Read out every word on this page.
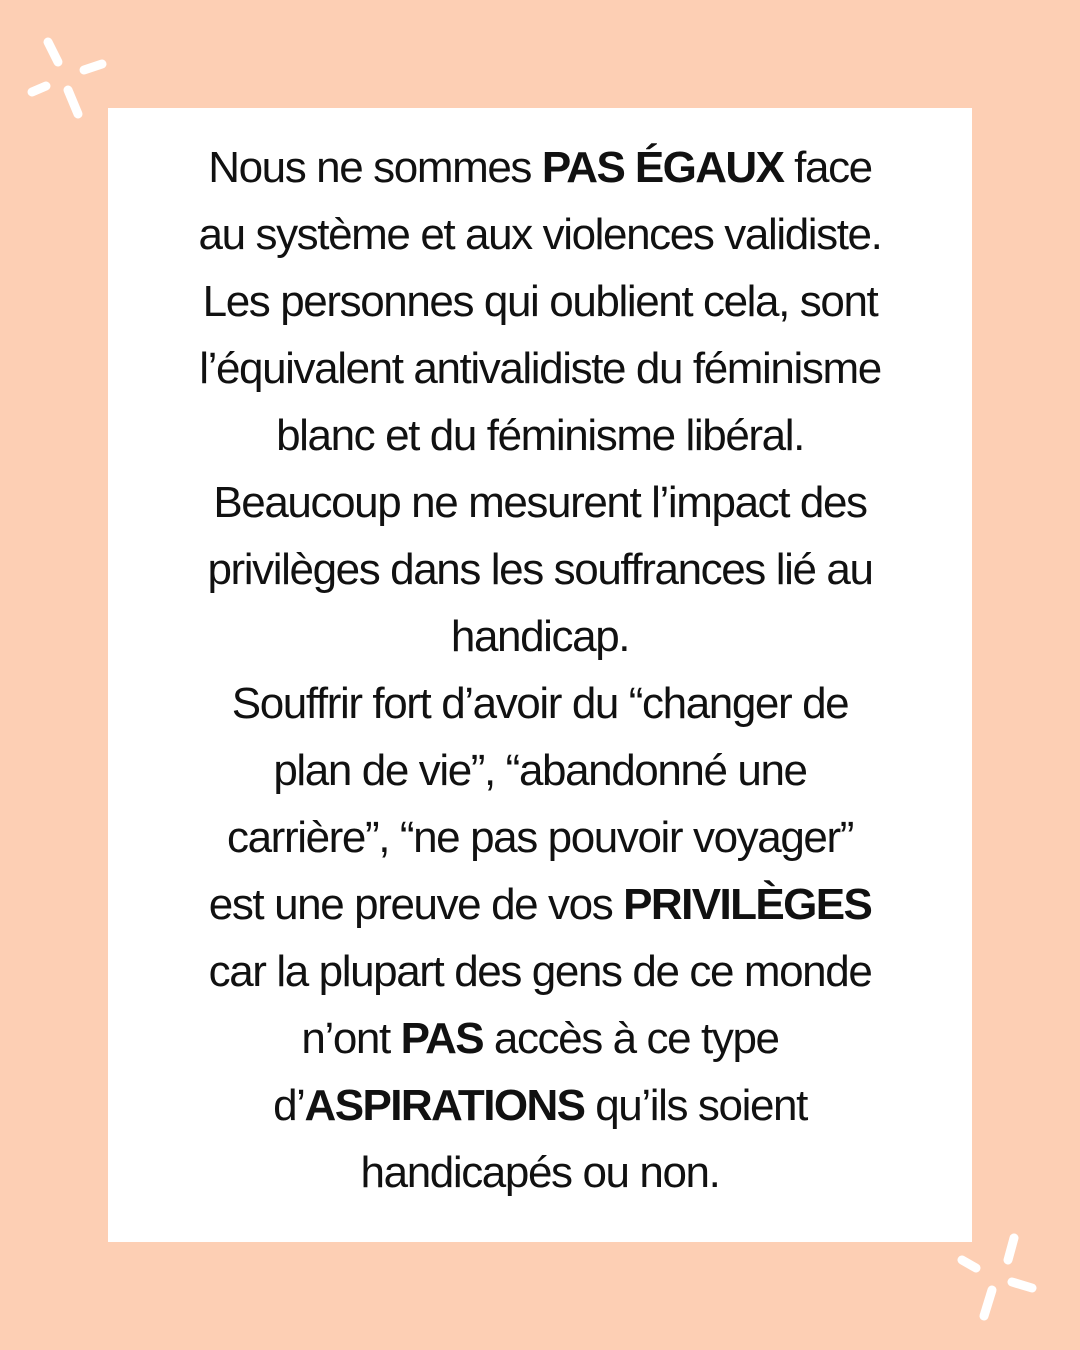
Nous ne sommes PAS ÉGAUX face
au système et aux violences validiste.
Les personnes qui oublient cela, sont
l’équivalent antivalidiste du féminisme
blanc et du féminisme libéral.
Beaucoup ne mesurent l’impact des
privilèges dans les souffrances lié au
handicap.
Souffrir fort d’avoir du “changer de
plan de vie”, “abandonné une
carrière”, “ne pas pouvoir voyager”
est une preuve de vos PRIVILÈGES
car la plupart des gens de ce monde
n’ont PAS accès à ce type
d’ASPIRATIONS qu’ils soient
handicapés ou non.
